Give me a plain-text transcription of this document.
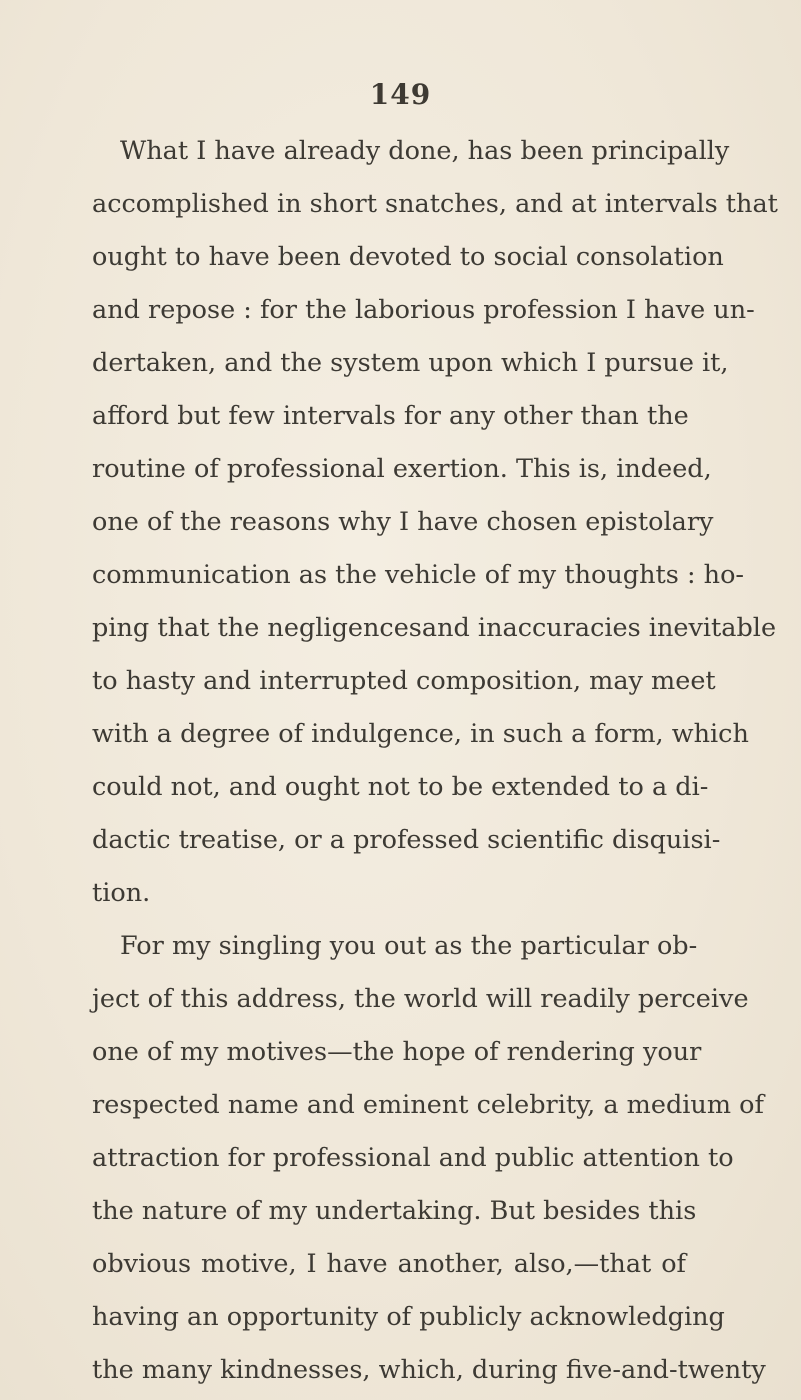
149
What I have already done, has been principally
accomplished in short snatches, and at intervals that
ought to have been devoted to social consolation
and repose : for the laborious profession I have un-
dertaken, and the system upon which I pursue it,
afford but few intervals for any other than the
routine of professional exertion. This is, indeed,
one of the reasons why I have chosen epistolary
communication as the vehicle of my thoughts : ho-
ping that the negligencesand inaccuracies inevitable
to hasty and interrupted composition, may meet
with a degree of indulgence, in such a form, which
could not, and ought not to be extended to a di-
dactic treatise, or a professed scientific disquisi-
tion.
For my singling you out as the particular ob-
ject of this address, the world will readily perceive
one of my motives—the hope of rendering your
respected name and eminent celebrity, a medium of
attraction for professional and public attention to
the nature of my undertaking. But besides this
obvious motive, I have another, also,—that of
having an opportunity of publicly acknowledging
the many kindnesses, which, during five-and-twenty
